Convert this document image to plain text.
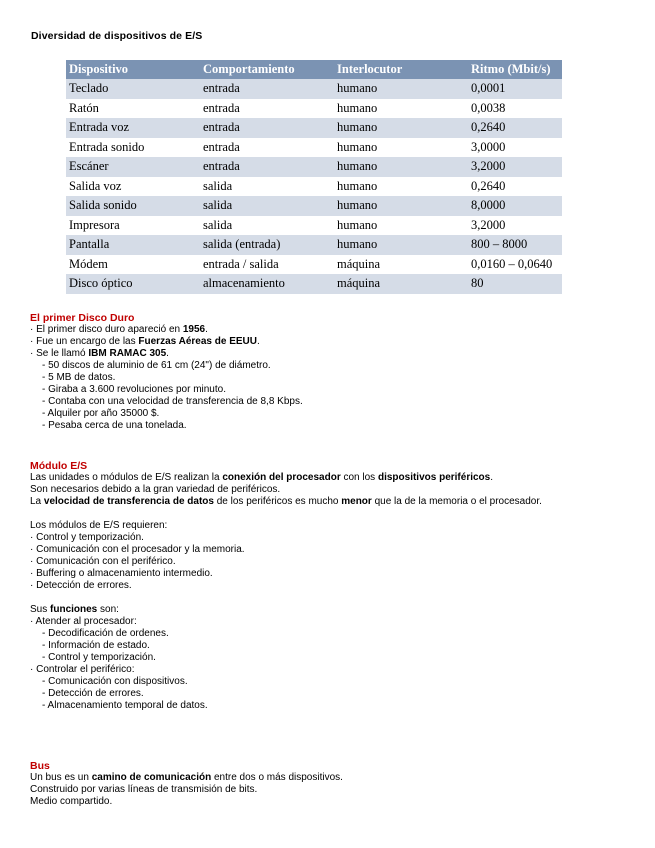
Diversidad de dispositivos de E/S
Dispositivo	Comportamiento	Interlocutor	Ritmo (Mbit/s)
Teclado	entrada	humano	0,0001
Ratón	entrada	humano	0,0038
Entrada voz	entrada	humano	0,2640
Entrada sonido	entrada	humano	3,0000
Escáner	entrada	humano	3,2000
Salida voz	salida	humano	0,2640
Salida sonido	salida	humano	8,0000
Impresora	salida	humano	3,2000
Pantalla	salida (entrada)	humano	800 – 8000
Módem	entrada / salida	máquina	0,0160 – 0,0640
Disco óptico	almacenamiento	máquina	80
El primer Disco Duro
· El primer disco duro apareció en 1956.
· Fue un encargo de las Fuerzas Aéreas de EEUU.
· Se le llamó IBM RAMAC 305.
- 50 discos de aluminio de 61 cm (24") de diámetro.
- 5 MB de datos.
- Giraba a 3.600 revoluciones por minuto.
- Contaba con una velocidad de transferencia de 8,8 Kbps.
- Alquiler por año 35000 $.
- Pesaba cerca de una tonelada.
Módulo E/S
Las unidades o módulos de E/S realizan la conexión del procesador con los dispositivos periféricos.
Son necesarios debido a la gran variedad de periféricos.
La velocidad de transferencia de datos de los periféricos es mucho menor que la de la memoria o el procesador.
Los módulos de E/S requieren:
· Control y temporización.
· Comunicación con el procesador y la memoria.
· Comunicación con el periférico.
· Buffering o almacenamiento intermedio.
· Detección de errores.
Sus funciones son:
· Atender al procesador:
- Decodificación de ordenes.
- Información de estado.
- Control y temporización.
· Controlar el periférico:
- Comunicación con dispositivos.
- Detección de errores.
- Almacenamiento temporal de datos.
Bus
Un bus es un camino de comunicación entre dos o más dispositivos.
Construido por varias líneas de transmisión de bits.
Medio compartido.
